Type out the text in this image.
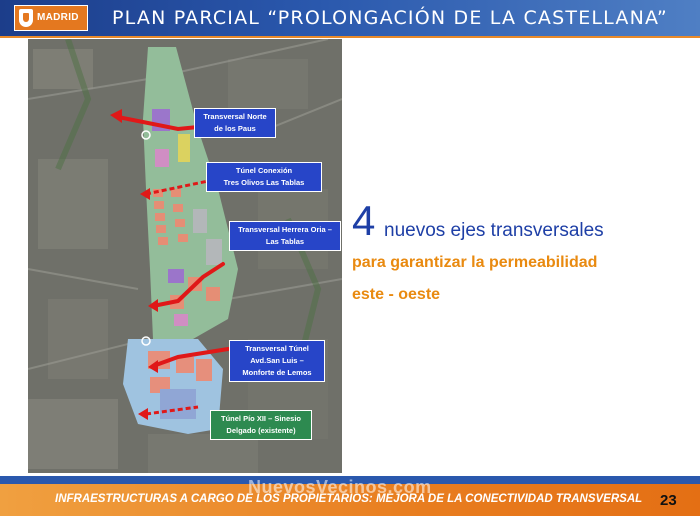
MADRID PLAN PARCIAL “PROLONGACIÓN DE LA CASTELLANA”
Transversal Norte
de los Paus
Túnel Conexión
Tres Olivos Las Tablas
Transversal Herrera Oria –
Las Tablas
Transversal Túnel
Avd.San Luis –
Monforte de Lemos
Túnel Pío XII – Sinesio
Delgado (existente)
4 nuevos ejes transversales
para garantizar la permeabilidad
este - oeste
INFRAESTRUCTURAS A CARGO DE LOS PROPIETARIOS: MEJORA DE LA CONECTIVIDAD TRANSVERSAL
NuevosVecinos.com
23
